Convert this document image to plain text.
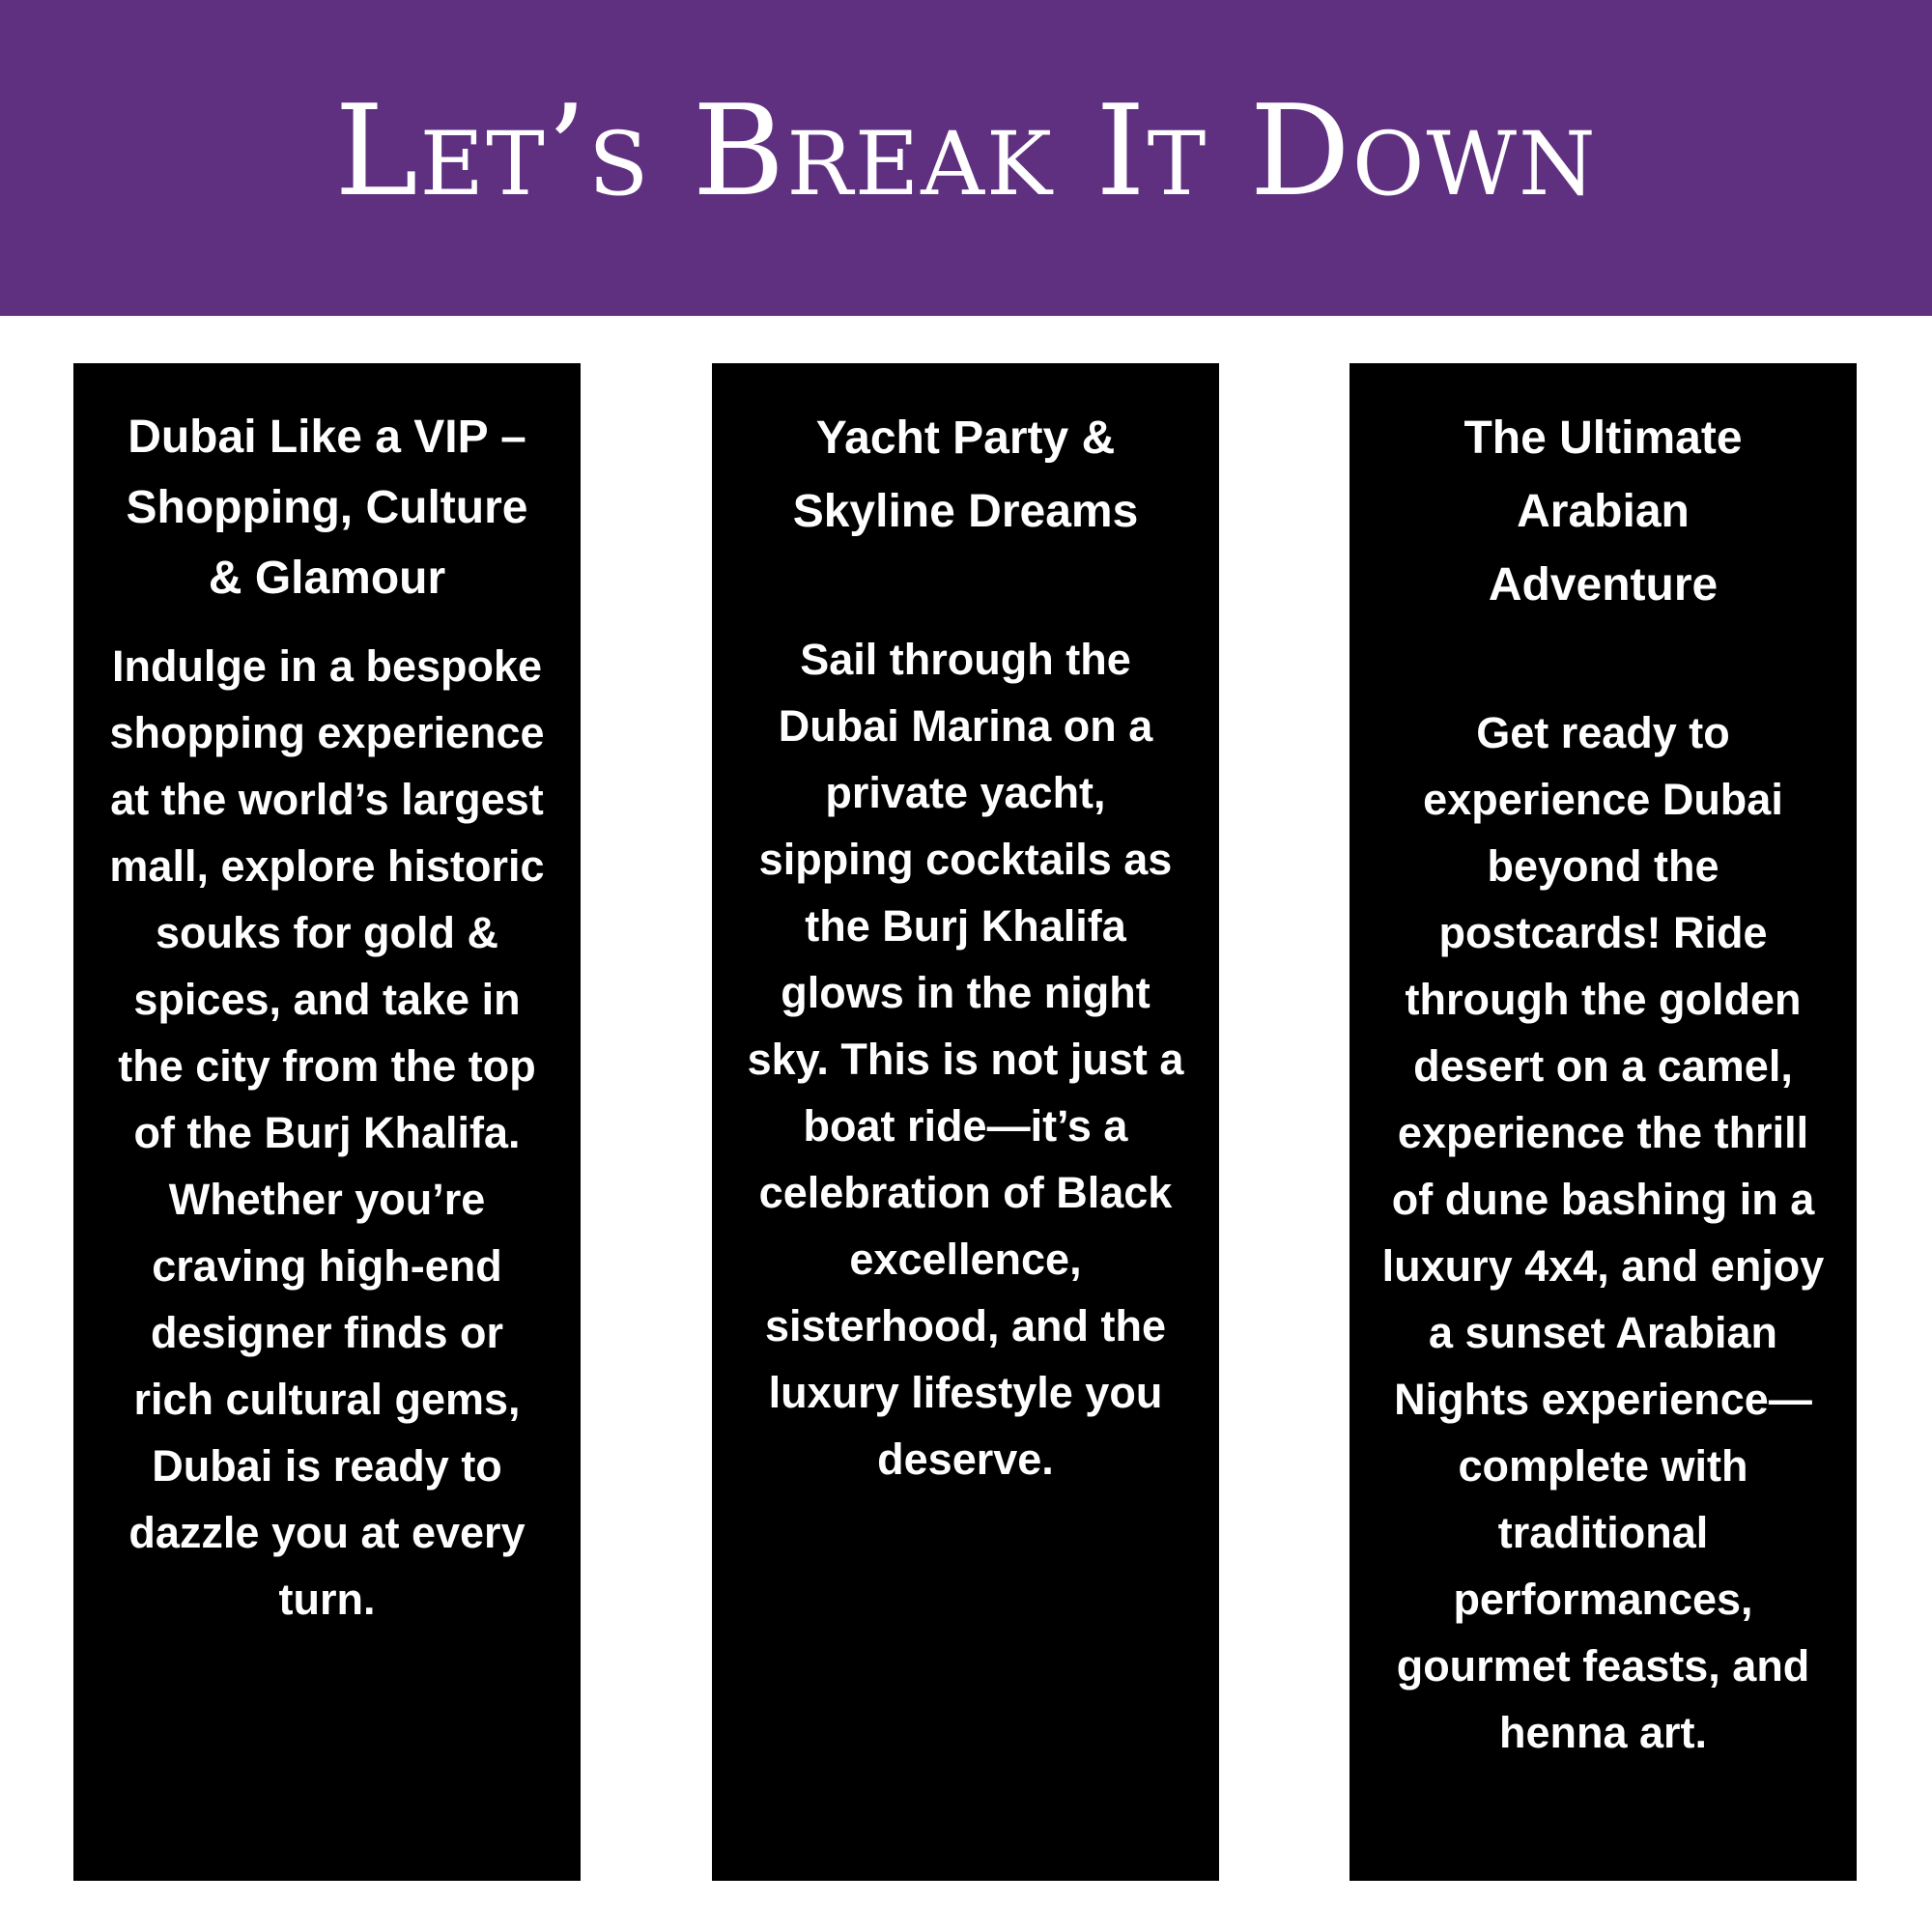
Let’s Break It Down
Dubai Like a VIP – Shopping, Culture & Glamour

Indulge in a bespoke shopping experience at the world’s largest mall, explore historic souks for gold & spices, and take in the city from the top of the Burj Khalifa. Whether you’re craving high-end designer finds or rich cultural gems, Dubai is ready to dazzle you at every turn.

Yacht Party & Skyline Dreams

Sail through the Dubai Marina on a private yacht, sipping cocktails as the Burj Khalifa glows in the night sky. This is not just a boat ride—it’s a celebration of Black excellence, sisterhood, and the luxury lifestyle you deserve.

The Ultimate Arabian Adventure

Get ready to experience Dubai beyond the postcards! Ride through the golden desert on a camel, experience the thrill of dune bashing in a luxury 4x4, and enjoy a sunset Arabian Nights experience—complete with traditional performances, gourmet feasts, and henna art.
